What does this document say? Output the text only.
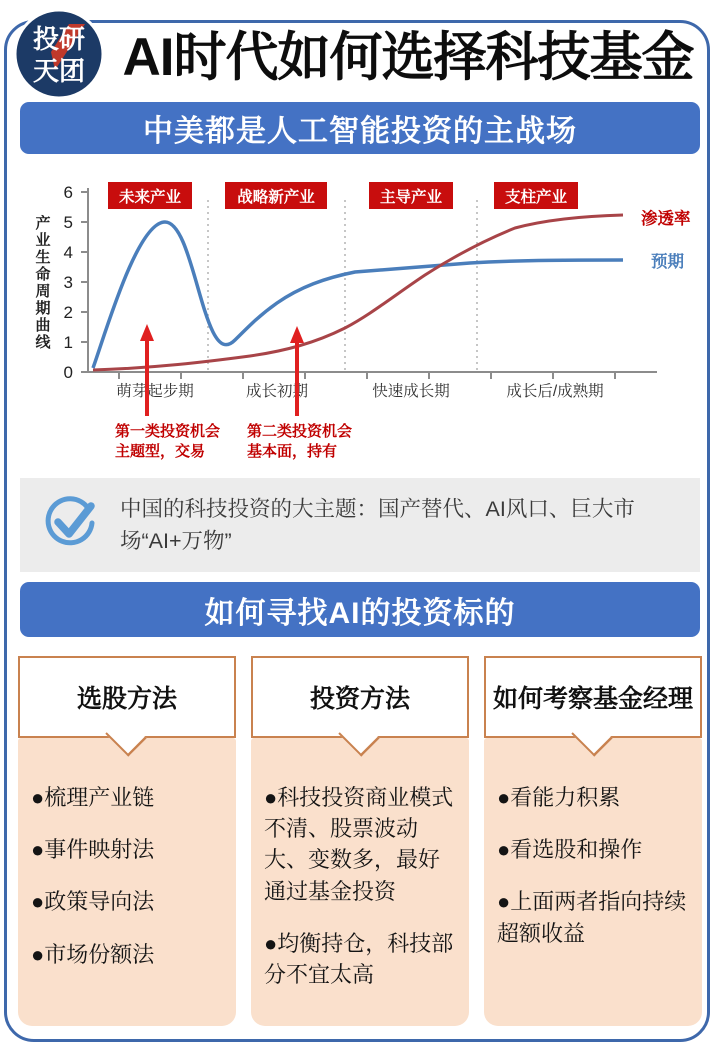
投研
天团 AI时代如何选择科技基金
中美都是人工智能投资的主战场
6
5
4
3
2
1
0
产业生命周期曲线
未来产业	战略新产业	主导产业	支柱产业
渗透率
预期
萌芽起步期	成长初期	快速成长期	成长后/成熟期
第一类投资机会
主题型，交易
第二类投资机会
基本面，持有
中国的科技投资的大主题：国产替代、AI风口、巨大市场“AI+万物”
如何寻找AI的投资标的
选股方法

●梳理产业链

●事件映射法

●政策导向法

●市场份额法

投资方法

●科技投资商业模式不清、股票波动大、变数多，最好通过基金投资

●均衡持仓，科技部分不宜太高

如何考察基金经理

●看能力积累

●看选股和操作

●上面两者指向持续超额收益
